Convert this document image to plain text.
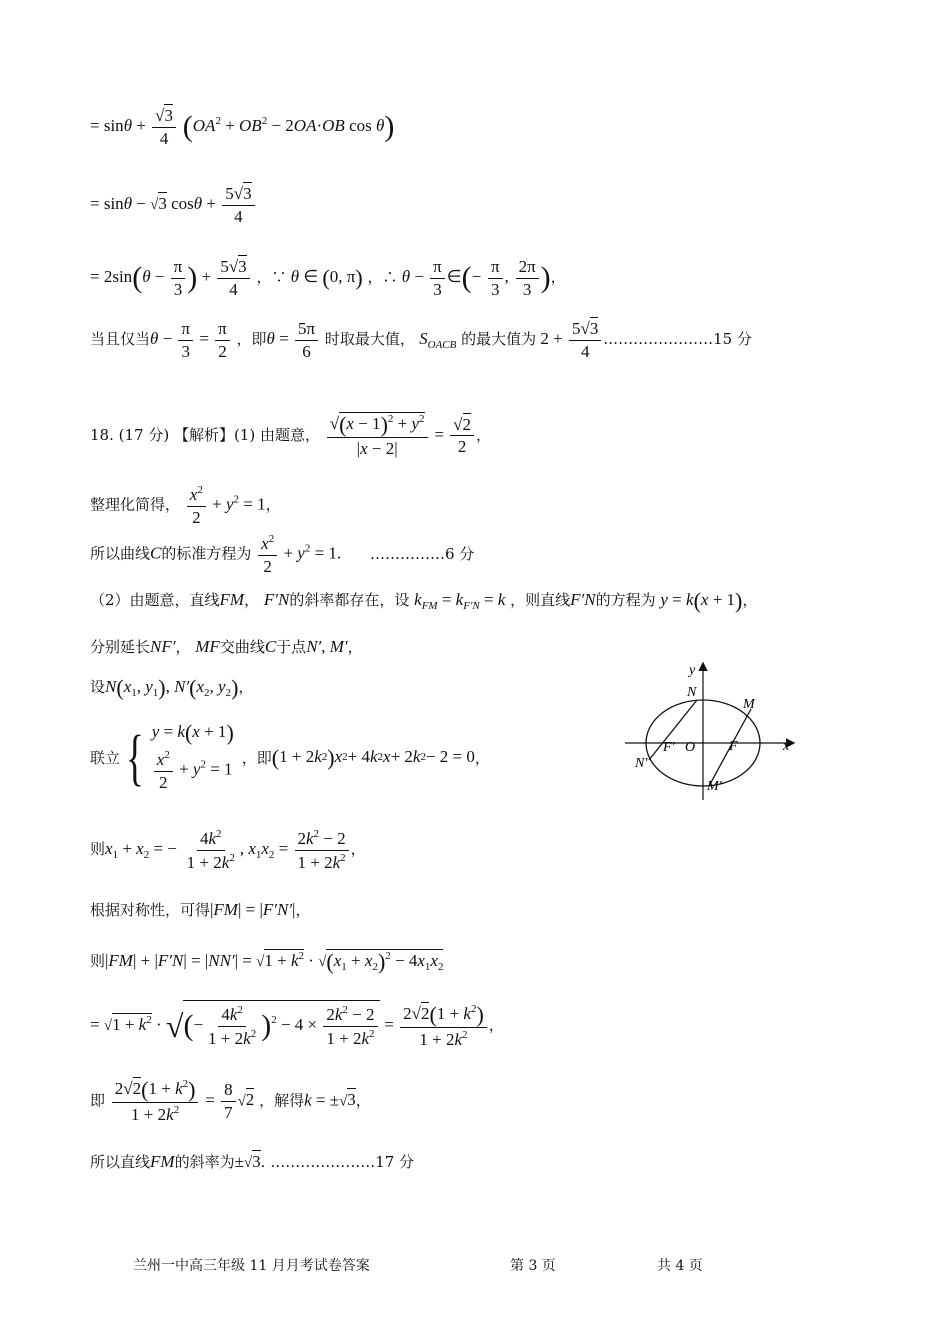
= $\sin\theta + \frac{√3}{4} (OA^2 + OB^2 - 2OA\cdot OB$ cos θ)
= sinθ − √3 $\cos\theta + \frac{5√3}{4}$
= $2\sin(\theta - \frac{\pi}{3}$ ) + $\frac{5√3}{4}$ ，∵ θ ∈ (0, π) ，∴ $\theta - \frac{\pi}{3}$ ∈(− $\frac{\pi}{3}$ , $\frac{2\pi}{3}$ )，
当且仅当$\theta - \frac{\pi}{3} = \frac{\pi}{2}$ ，即$\theta = \frac{5\pi}{6}$ 时取最大值， $S_{OACB}$ 的最大值为 $2 + \frac{5√3}{4}$ .…………………15 分
18. (17 分) 【解析】(1) 由题意， $\frac{√(x - 1)^2 + y^2}{|x - 2|} = \frac{√2}{2}$ ，
整理化简得， $\frac{x^2}{2} + y^2 = 1$，
所以曲线C的标准方程为 $\frac{x^2}{2} + y^2 = 1$. ……………6 分
（2）由题意，直线FM， F′N的斜率都存在，设 $k_{FM} = k_{F'N} = k$ ，则直线F′N的方程为 y = k(x + 1)，
分别延长NF′， MF交曲线C于点N′, M′，
设$N(x_1$, $y_1$), $N'(x_2$, $y_2$)，
联立 { y = k(x + 1)
$\frac{x^2}{2} + y^2 = 1$
，即 ( 1 + 2 k 2 ) x 2 + 4 k 2 x + 2 k 2 − 2 = 0 ，
则$x_1 + x_2$ = − $\frac{4k^2}{1 + 2k^2}$ , $x_1x_2 = \frac{2k^2 - 2}{1 + 2k^2}$ ，
根据对称性，可得|FM| = |F′N′|，
则$|FM| + |F'N| = |NN'| = √1 + k^2 \cdot √(x_1 + x_2)^2 - 4x_1x_2$
= $√1 + k^2$ · √(− $\frac{4k^2}{1 + 2k^2} )^2 - 4 \times \frac{2k^2 - 2}{1 + 2k^2} = \frac{2√2(1 + k^2)}{1 + 2k^2}$ ，
即 $\frac{2√2(1 + k^2)}{1 + 2k^2} = \frac{8}{7} √2$ ，解得k = ±√3，
所以直线FM的斜率为±√3. …………………17 分
y
x
N
M
F′ O F
N′
M′
兰州一中高三年级 11 月月考试卷答案	第 3 页	共 4 页
